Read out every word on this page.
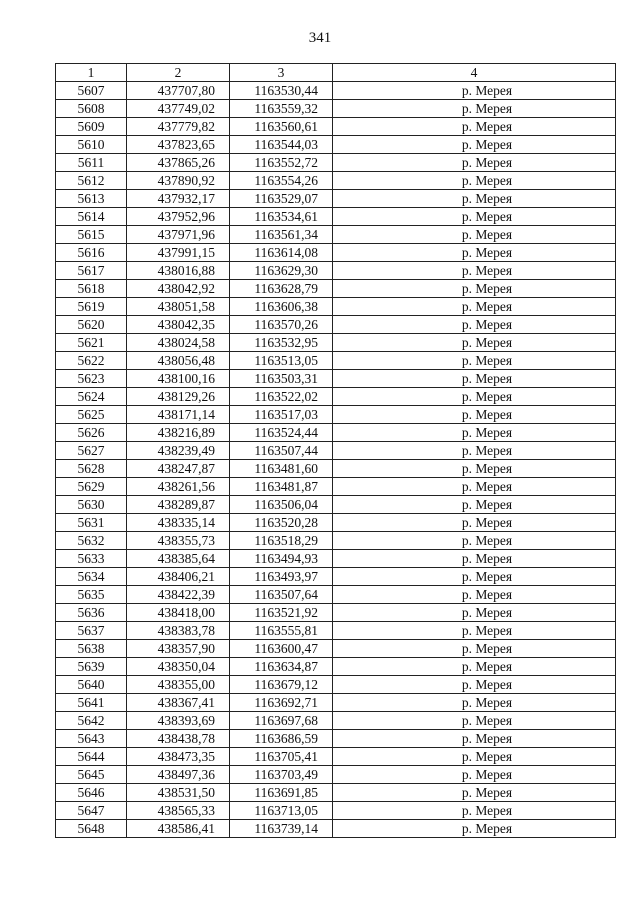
341
1	2	3	4
5607	437707,80	1163530,44	р. Мерея
5608	437749,02	1163559,32	р. Мерея
5609	437779,82	1163560,61	р. Мерея
5610	437823,65	1163544,03	р. Мерея
5611	437865,26	1163552,72	р. Мерея
5612	437890,92	1163554,26	р. Мерея
5613	437932,17	1163529,07	р. Мерея
5614	437952,96	1163534,61	р. Мерея
5615	437971,96	1163561,34	р. Мерея
5616	437991,15	1163614,08	р. Мерея
5617	438016,88	1163629,30	р. Мерея
5618	438042,92	1163628,79	р. Мерея
5619	438051,58	1163606,38	р. Мерея
5620	438042,35	1163570,26	р. Мерея
5621	438024,58	1163532,95	р. Мерея
5622	438056,48	1163513,05	р. Мерея
5623	438100,16	1163503,31	р. Мерея
5624	438129,26	1163522,02	р. Мерея
5625	438171,14	1163517,03	р. Мерея
5626	438216,89	1163524,44	р. Мерея
5627	438239,49	1163507,44	р. Мерея
5628	438247,87	1163481,60	р. Мерея
5629	438261,56	1163481,87	р. Мерея
5630	438289,87	1163506,04	р. Мерея
5631	438335,14	1163520,28	р. Мерея
5632	438355,73	1163518,29	р. Мерея
5633	438385,64	1163494,93	р. Мерея
5634	438406,21	1163493,97	р. Мерея
5635	438422,39	1163507,64	р. Мерея
5636	438418,00	1163521,92	р. Мерея
5637	438383,78	1163555,81	р. Мерея
5638	438357,90	1163600,47	р. Мерея
5639	438350,04	1163634,87	р. Мерея
5640	438355,00	1163679,12	р. Мерея
5641	438367,41	1163692,71	р. Мерея
5642	438393,69	1163697,68	р. Мерея
5643	438438,78	1163686,59	р. Мерея
5644	438473,35	1163705,41	р. Мерея
5645	438497,36	1163703,49	р. Мерея
5646	438531,50	1163691,85	р. Мерея
5647	438565,33	1163713,05	р. Мерея
5648	438586,41	1163739,14	р. Мерея
